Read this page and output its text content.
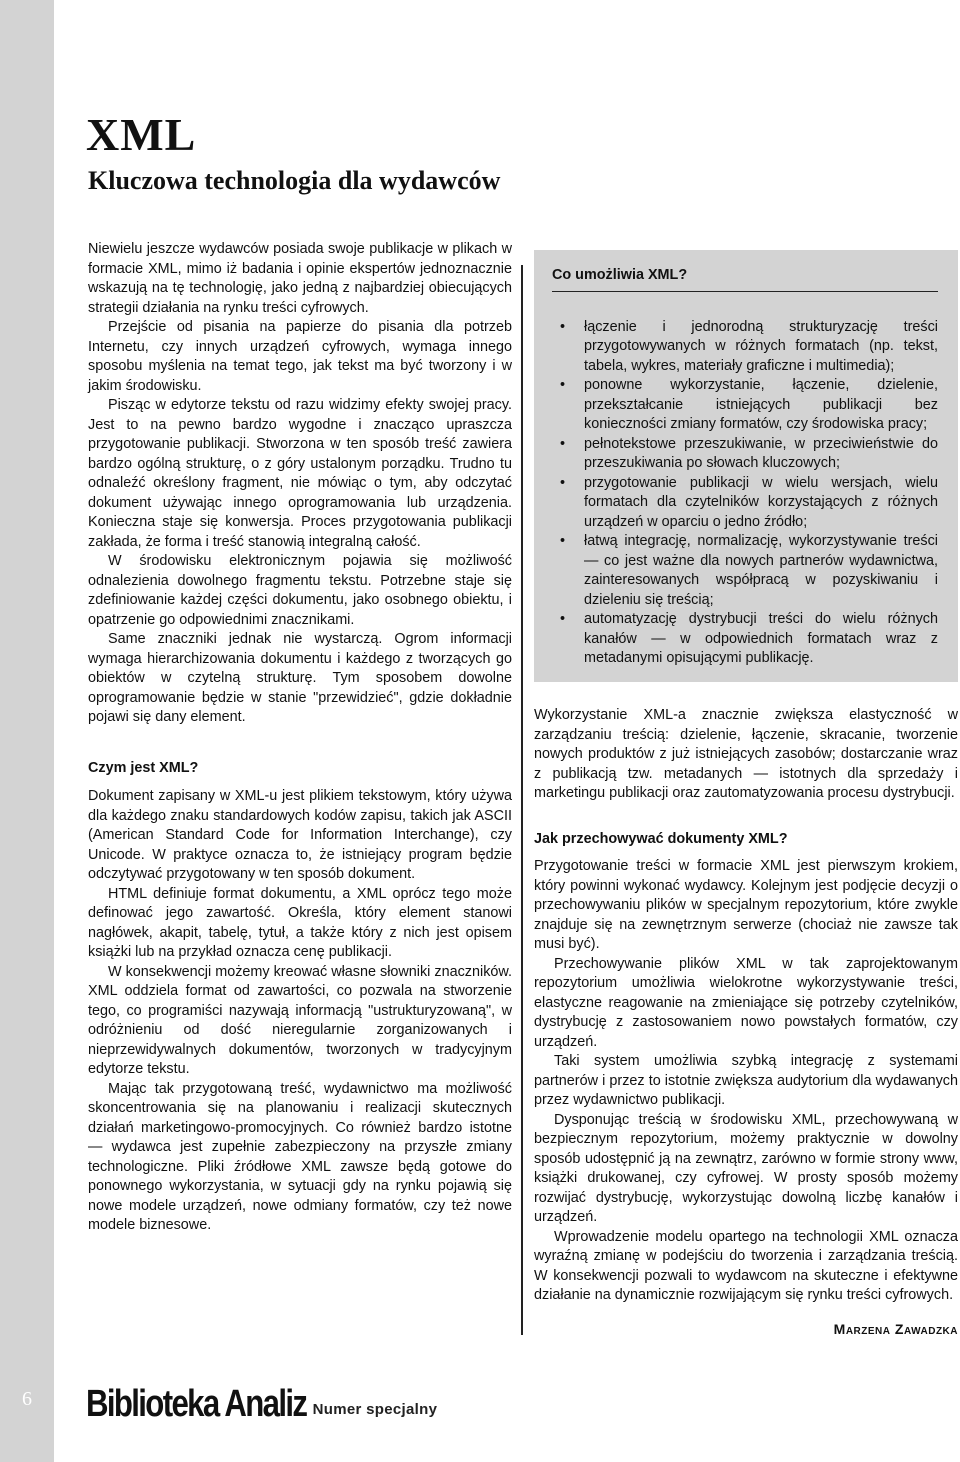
6
XML
Kluczowa technologia dla wydawców

Niewielu jeszcze wydawców posiada swoje publikacje w plikach w formacie XML, mimo iż badania i opinie ekspertów jednoznacznie wskazują na tę technologię, jako jedną z najbardziej obiecujących strategii działania na rynku treści cyfrowych.

Przejście od pisania na papierze do pisania dla potrzeb Internetu, czy innych urządzeń cyfrowych, wymaga innego sposobu myślenia na temat tego, jak tekst ma być tworzony i w jakim środowisku.

Pisząc w edytorze tekstu od razu widzimy efekty swojej pracy. Jest to na pewno bardzo wygodne i znacząco upraszcza przygotowanie publikacji. Stworzona w ten sposób treść zawiera bardzo ogólną strukturę, o z góry ustalonym porządku. Trudno tu odnaleźć określony fragment, nie mówiąc o tym, aby odczytać dokument używając innego oprogramowania lub urządzenia. Konieczna staje się konwersja. Proces przygotowania publikacji zakłada, że forma i treść stanowią integralną całość.

W środowisku elektronicznym pojawia się możliwość odnalezienia dowolnego fragmentu tekstu. Potrzebne staje się zdefiniowanie każdej części dokumentu, jako osobnego obiektu, i opatrzenie go odpowiednimi znacznikami.

Same znaczniki jednak nie wystarczą. Ogrom informacji wymaga hierarchizowania dokumentu i każdego z tworzących go obiektów w czytelną strukturę. Tym sposobem dowolne oprogramowanie będzie w stanie "przewidzieć", gdzie dokładnie pojawi się dany element.

Czym jest XML?

Dokument zapisany w XML-u jest plikiem tekstowym, który używa dla każdego znaku standardowych kodów zapisu, takich jak ASCII (American Standard Code for Information Interchange), czy Unicode. W praktyce oznacza to, że istniejący program będzie odczytywać przygotowany w ten sposób dokument.

HTML definiuje format dokumentu, a XML oprócz tego może definować jego zawartość. Określa, który element stanowi nagłówek, akapit, tabelę, tytuł, a także który z nich jest opisem książki lub na przykład oznacza cenę publikacji.

W konsekwencji możemy kreować własne słowniki znaczników. XML oddziela format od zawartości, co pozwala na stworzenie tego, co programiści nazywają informacją "ustrukturyzowaną", w odróżnieniu od dość nieregularnie zorganizowanych i nieprzewidywalnych dokumentów, tworzonych w tradycyjnym edytorze tekstu.

Mając tak przygotowaną treść, wydawnictwo ma możliwość skoncentrowania się na planowaniu i realizacji skutecznych działań marketingowo-promocyjnych. Co również bardzo istotne — wydawca jest zupełnie zabezpieczony na przyszłe zmiany technologiczne. Pliki źródłowe XML zawsze będą gotowe do ponownego wykorzystania, w sytuacji gdy na rynku pojawią się nowe modele urządzeń, nowe odmiany formatów, czy też nowe modele biznesowe.

Co umożliwia XML?
• łączenie i jednorodną strukturyzację treści przygotowywanych w różnych formatach (np. tekst, tabela, wykres, materiały graficzne i multimedia);
• ponowne wykorzystanie, łączenie, dzielenie, przekształcanie istniejących publikacji bez konieczności zmiany formatów, czy środowiska pracy;
• pełnotekstowe przeszukiwanie, w przeciwieństwie do przeszukiwania po słowach kluczowych;
• przygotowanie publikacji w wielu wersjach, wielu formatach dla czytelników korzystających z różnych urządzeń w oparciu o jedno źródło;
• łatwą integrację, normalizację, wykorzystywanie treści — co jest ważne dla nowych partnerów wydawnictwa, zainteresowanych współpracą w pozyskiwaniu i dzieleniu się treścią;
• automatyzację dystrybucji treści do wielu różnych kanałów — w odpowiednich formatach wraz z metadanymi opisującymi publikację.

Wykorzystanie XML-a znacznie zwiększa elastyczność w zarządzaniu treścią: dzielenie, łączenie, skracanie, tworzenie nowych produktów z już istniejących zasobów; dostarczanie wraz z publikacją tzw. metadanych — istotnych dla sprzedaży i marketingu publikacji oraz zautomatyzowania procesu dystrybucji.

Jak przechowywać dokumenty XML?

Przygotowanie treści w formacie XML jest pierwszym krokiem, który powinni wykonać wydawcy. Kolejnym jest podjęcie decyzji o przechowywaniu plików w specjalnym repozytorium, które zwykle znajduje się na zewnętrznym serwerze (chociaż nie zawsze tak musi być).

Przechowywanie plików XML w tak zaprojektowanym repozytorium umożliwia wielokrotne wykorzystywanie treści, elastyczne reagowanie na zmieniające się potrzeby czytelników, dystrybucję z zastosowaniem nowo powstałych formatów, czy urządzeń.

Taki system umożliwia szybką integrację z systemami partnerów i przez to istotnie zwiększa audytorium dla wydawanych przez wydawnictwo publikacji.

Dysponując treścią w środowisku XML, przechowywaną w bezpiecznym repozytorium, możemy praktycznie w dowolny sposób udostępnić ją na zewnątrz, zarówno w formie strony www, książki drukowanej, czy cyfrowej. W prosty sposób możemy rozwijać dystrybucję, wykorzystując dowolną liczbę kanałów i urządzeń.

Wprowadzenie modelu opartego na technologii XML oznacza wyraźną zmianę w podejściu do tworzenia i zarządzania treścią. W konsekwencji pozwali to wydawcom na skuteczne i efektywne działanie na dynamicznie rozwijającym się rynku treści cyfrowych.

Marzena Zawadzka
Biblioteka Analiz Numer specjalny
